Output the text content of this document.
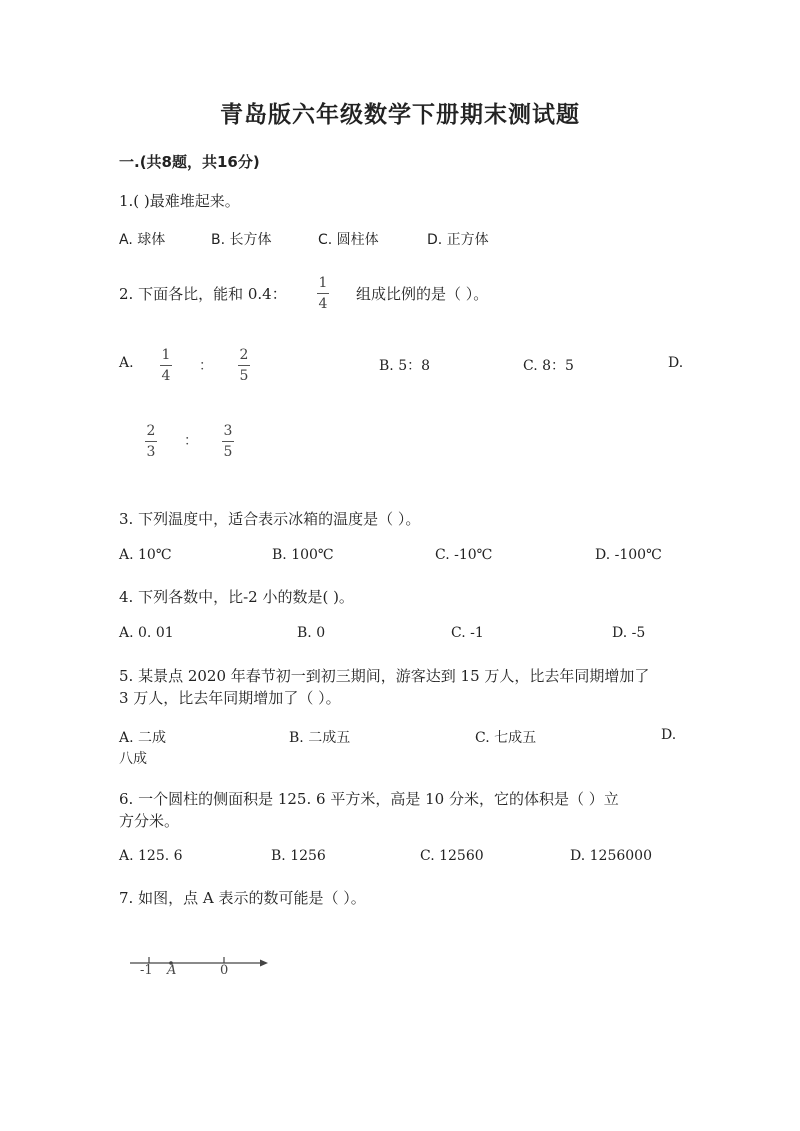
青岛版六年级数学下册期末测试题
一.(共8题，共16分)
1.( )最难堆起来。
A. 球体	B. 长方体	C. 圆柱体	D. 正方体
2. 下面各比，能和 0.4：
1
4
组成比例的是（ ）。
A. 1
4
：
2
5
B. 5：8	C. 8：5	D.
2
3
：
3
5
3. 下列温度中，适合表示冰箱的温度是（ ）。
A. 10℃	B. 100℃	C. -10℃	D. -100℃
4. 下列各数中，比-2 小的数是( )。
A. 0. 01	B. 0	C. -1	D. -5
5. 某景点 2020 年春节初一到初三期间，游客达到 15 万人，比去年同期增加了
3 万人，比去年同期增加了（ ）。
A. 二成	B. 二成五	C. 七成五	D.
八成
6. 一个圆柱的侧面积是 125. 6 平方米，高是 10 分米，它的体积是（ ）立
方分米。
A. 125. 6	B. 1256	C. 12560	D. 1256000
7. 如图，点 A 表示的数可能是（ ）。
-1 A	0
